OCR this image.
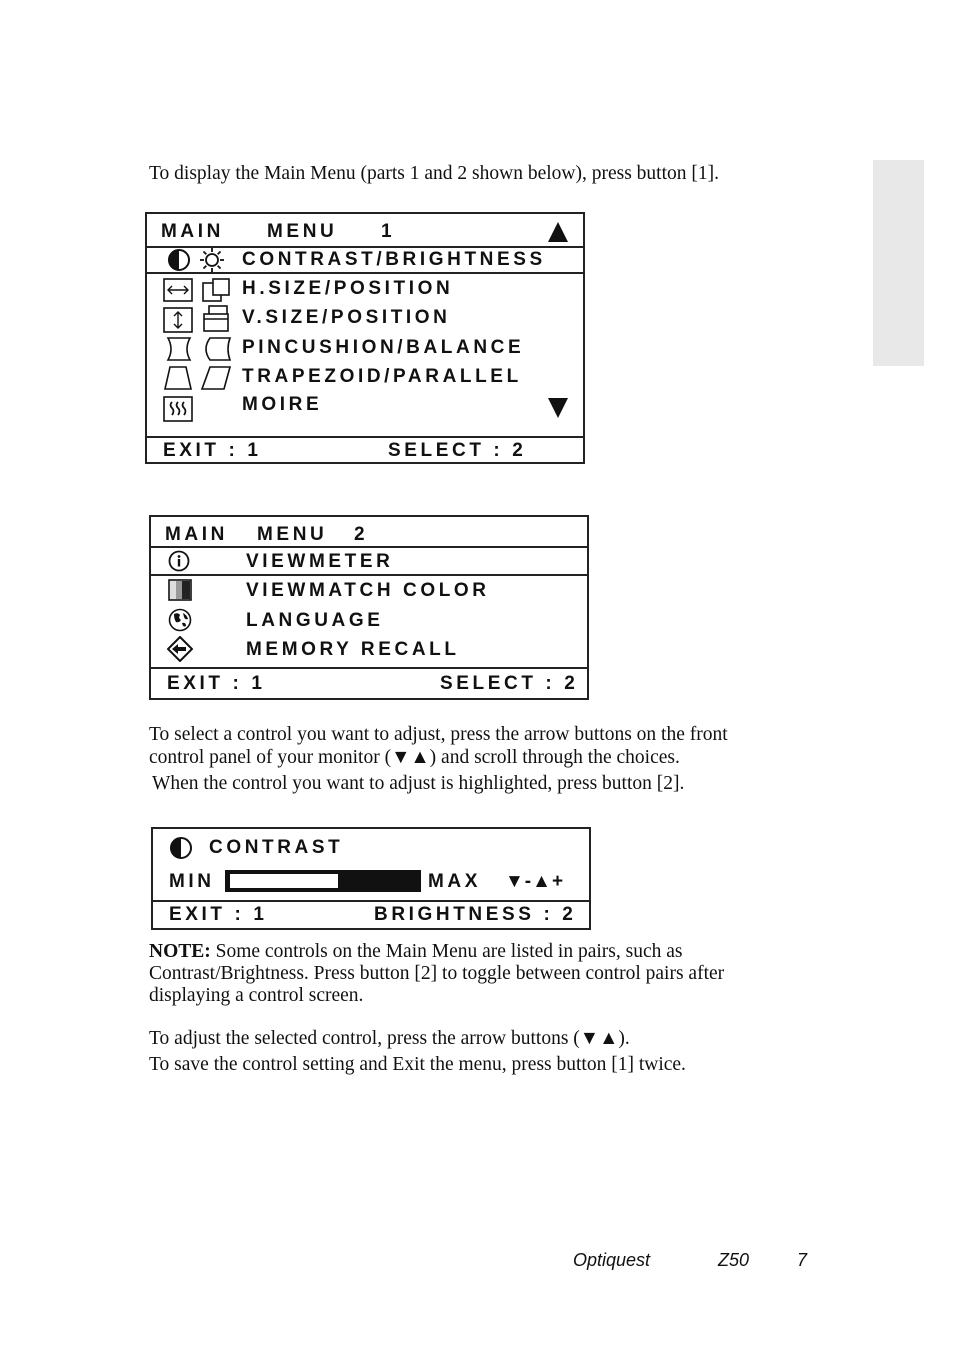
To display the Main Menu (parts 1 and 2 shown below), press button [1].
MAIN MENU 1
CONTRAST/BRIGHTNESS
H.SIZE/POSITION
V.SIZE/POSITION
PINCUSHION/BALANCE
TRAPEZOID/PARALLEL
MOIRE
EXIT : 1	SELECT : 2
MAIN MENU 2
VIEWMETER
VIEWMATCH COLOR
LANGUAGE
MEMORY RECALL
EXIT : 1	SELECT : 2
To select a control you want to adjust, press the arrow buttons on the front
control panel of your monitor (▼▲) and scroll through the choices.
When the control you want to adjust is highlighted, press button [2].
CONTRAST
MIN	MAX ▼-▲+
EXIT : 1	BRIGHTNESS : 2
NOTE: Some controls on the Main Menu are listed in pairs, such as
Contrast/Brightness. Press button [2] to toggle between control pairs after
displaying a control screen.
To adjust the selected control, press the arrow buttons (▼▲).
To save the control setting and Exit the menu, press button [1] twice.
Optiquest	Z50	7
